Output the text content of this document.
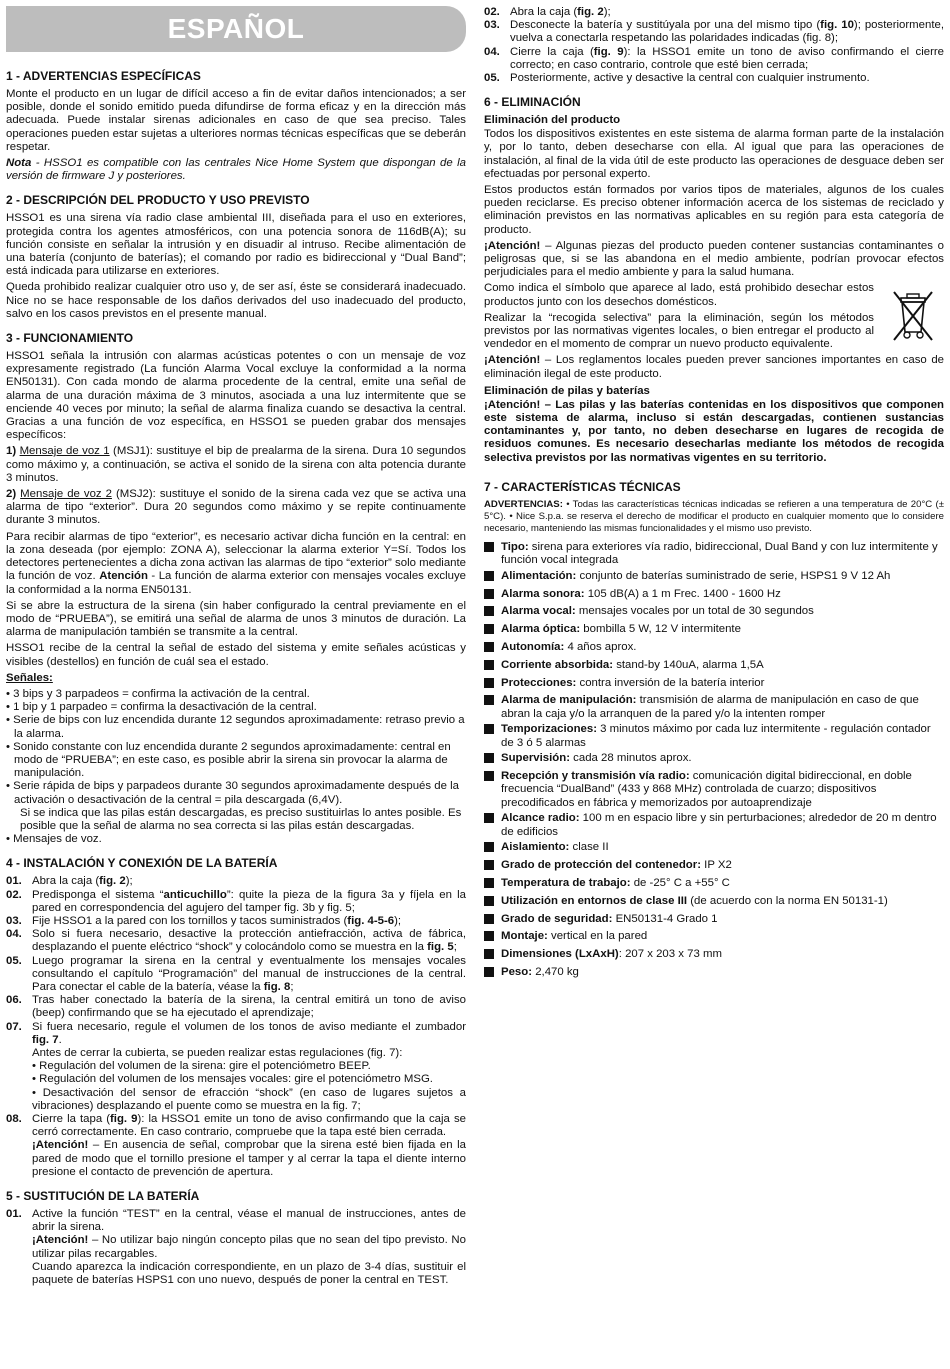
ESPAÑOL
1 - ADVERTENCIAS ESPECÍFICAS

Monte el producto en un lugar de difícil acceso a fin de evitar daños intencionados; a ser posible, donde el sonido emitido pueda difundirse de forma eficaz y en la dirección más adecuada. Puede instalar sirenas adicionales en caso de que sea preciso. Tales operaciones pueden estar sujetas a ulteriores normas técnicas específicas que se deberán respetar.

Nota - HSSO1 es compatible con las centrales Nice Home System que dispongan de la versión de firmware J y posteriores.

2 - DESCRIPCIÓN DEL PRODUCTO Y USO PREVISTO

HSSO1 es una sirena vía radio clase ambiental III, diseñada para el uso en exteriores, protegida contra los agentes atmosféricos, con una potencia sonora de 116dB(A); su función consiste en señalar la intrusión y en disuadir al intruso. Recibe alimentación de una batería (conjunto de baterías); el comando por radio es bidireccional y “Dual Band”; está indicada para utilizarse en exteriores.

Queda prohibido realizar cualquier otro uso y, de ser así, éste se considerará inadecuado. Nice no se hace responsable de los daños derivados del uso inadecuado del producto, salvo en los casos previstos en el presente manual.

3 - FUNCIONAMIENTO

HSSO1 señala la intrusión con alarmas acústicas potentes o con un mensaje de voz expresamente registrado (La función Alarma Vocal excluye la conformidad a la norma EN50131). Con cada mondo de alarma procedente de la central, emite una señal de alarma de una duración máxima de 3 minutos, asociada a una luz intermitente que se enciende 40 veces por minuto; la señal de alarma finaliza cuando se desactiva la central. Gracias a una función de voz específica, en HSSO1 se pueden grabar dos mensajes específicos:

1) Mensaje de voz 1 (MSJ1): sustituye el bip de prealarma de la sirena. Dura 10 segundos como máximo y, a continuación, se activa el sonido de la sirena con alta potencia durante 3 minutos.

2) Mensaje de voz 2 (MSJ2): sustituye el sonido de la sirena cada vez que se activa una alarma de tipo “exterior”. Dura 20 segundos como máximo y se repite continuamente durante 3 minutos.

Para recibir alarmas de tipo “exterior”, es necesario activar dicha función en la central: en la zona deseada (por ejemplo: ZONA A), seleccionar la alarma exterior Y=Sí. Todos los detectores pertenecientes a dicha zona activan las alarmas de tipo “exterior” solo mediante la función de voz. Atención - La función de alarma exterior con mensajes vocales excluye la conformidad a la norma EN50131.

Si se abre la estructura de la sirena (sin haber configurado la central previamente en el modo de “PRUEBA”), se emitirá una señal de alarma de unos 3 minutos de duración. La alarma de manipulación también se transmite a la central.

HSSO1 recibe de la central la señal de estado del sistema y emite señales acústicas y visibles (destellos) en función de cuál sea el estado.

Señales:

• 3 bips y 3 parpadeos = confirma la activación de la central.
• 1 bip y 1 parpadeo = confirma la desactivación de la central.
• Serie de bips con luz encendida durante 12 segundos aproximadamente: retraso previo a la alarma.
• Sonido constante con luz encendida durante 2 segundos aproximadamente: central en modo de “PRUEBA”; en este caso, es posible abrir la sirena sin provocar la alarma de manipulación.
• Serie rápida de bips y parpadeos durante 30 segundos aproximadamente después de la activación o desactivación de la central = pila descargada (6,4V).
Si se indica que las pilas están descargadas, es preciso sustituirlas lo antes posible. Es posible que la señal de alarma no sea correcta si las pilas están descargadas.
• Mensajes de voz.
4 - INSTALACIÓN Y CONEXIÓN DE LA BATERÍA
01. Abra la caja (fig. 2);
02. Predisponga el sistema “anticuchillo”: quite la pieza de la figura 3a y fíjela en la pared en correspondencia del agujero del tamper fig. 3b y fig. 5;
03. Fije HSSO1 a la pared con los tornillos y tacos suministrados (fig. 4-5-6);
04. Solo si fuera necesario, desactive la protección antiefracción, activa de fábrica, desplazando el puente eléctrico “shock” y colocándolo como se muestra en la fig. 5;
05. Luego programar la sirena en la central y eventualmente los mensajes vocales consultando el capítulo “Programación” del manual de instrucciones de la central. Para conectar el cable de la batería, véase la fig. 8;
06. Tras haber conectado la batería de la sirena, la central emitirá un tono de aviso (beep) confirmando que se ha ejecutado el aprendizaje;
07. Si fuera necesario, regule el volumen de los tonos de aviso mediante el zumbador fig. 7.
Antes de cerrar la cubierta, se pueden realizar estas regulaciones (fig. 7):
• Regulación del volumen de la sirena: gire el potenciómetro BEEP.
• Regulación del volumen de los mensajes vocales: gire el potenciómetro MSG.
• Desactivación del sensor de efracción “shock” (en caso de lugares sujetos a vibraciones) desplazando el puente como se muestra en la fig. 7;
08. Cierre la tapa (fig. 9): la HSSO1 emite un tono de aviso confirmando que la caja se cerró correctamente. En caso contrario, compruebe que la tapa esté bien cerrada.
¡Atención! – En ausencia de señal, comprobar que la sirena esté bien fijada en la pared de modo que el tornillo presione el tamper y al cerrar la tapa el diente interno presione el contacto de prevención de apertura.
5 - SUSTITUCIÓN DE LA BATERÍA
01. Active la función “TEST” en la central, véase el manual de instrucciones, antes de abrir la sirena.
¡Atención! – No utilizar bajo ningún concepto pilas que no sean del tipo previsto. No utilizar pilas recargables.
Cuando aparezca la indicación correspondiente, en un plazo de 3-4 días, sustituir el paquete de baterías HSPS1 con uno nuevo, después de poner la central en TEST.
02. Abra la caja (fig. 2);
03. Desconecte la batería y sustitúyala por una del mismo tipo (fig. 10); posteriormente, vuelva a conectarla respetando las polaridades indicadas (fig. 8);
04. Cierre la caja (fig. 9): la HSSO1 emite un tono de aviso confirmando el cierre correcto; en caso contrario, controle que esté bien cerrada;
05. Posteriormente, active y desactive la central con cualquier instrumento.
6 - ELIMINACIÓN
Eliminación del producto

Todos los dispositivos existentes en este sistema de alarma forman parte de la instalación y, por lo tanto, deben desecharse con ella. Al igual que para las operaciones de instalación, al final de la vida útil de este producto las operaciones de desguace deben ser efectuadas por personal experto.

Estos productos están formados por varios tipos de materiales, algunos de los cuales pueden reciclarse. Es preciso obtener información acerca de los sistemas de reciclado y eliminación previstos en las normativas aplicables en su región para esta categoría de producto.

¡Atención! – Algunas piezas del producto pueden contener sustancias contaminantes o peligrosas que, si se las abandona en el medio ambiente, podrían provocar efectos perjudiciales para el medio ambiente y para la salud humana.

Como indica el símbolo que aparece al lado, está prohibido desechar estos productos junto con los desechos domésticos.

Realizar la “recogida selectiva” para la eliminación, según los métodos previstos por las normativas vigentes locales, o bien entregar el producto al vendedor en el momento de comprar un nuevo producto equivalente.

¡Atención! – Los reglamentos locales pueden prever sanciones importantes en caso de eliminación ilegal de este producto.

Eliminación de pilas y baterías

¡Atención! – Las pilas y las baterías contenidas en los dispositivos que componen este sistema de alarma, incluso si están descargadas, contienen sustancias contaminantes y, por tanto, no deben desecharse en lugares de recogida de residuos comunes. Es necesario desecharlas mediante los métodos de recogida selectiva previstos por las normativas vigentes en su territorio.

7 - CARACTERÍSTICAS TÉCNICAS

ADVERTENCIAS: • Todas las características técnicas indicadas se refieren a una temperatura de 20°C (± 5°C). • Nice S.p.a. se reserva el derecho de modificar el producto en cualquier momento que lo considere necesario, manteniendo las mismas funcionalidades y el mismo uso previsto.

Tipo: sirena para exteriores vía radio, bidireccional, Dual Band y con luz intermitente y función vocal integrada
Alimentación: conjunto de baterías suministrado de serie, HSPS1 9 V 12 Ah
Alarma sonora: 105 dB(A) a 1 m Frec. 1400 - 1600 Hz
Alarma vocal: mensajes vocales por un total de 30 segundos
Alarma óptica: bombilla 5 W, 12 V intermitente
Autonomía: 4 años aprox.
Corriente absorbida: stand-by 140uA, alarma 1,5A
Protecciones: contra inversión de la batería interior
Alarma de manipulación: transmisión de alarma de manipulación en caso de que abran la caja y/o la arranquen de la pared y/o la intenten romper
Temporizaciones: 3 minutos máximo por cada luz intermitente - regulación contador de 3 ó 5 alarmas
Supervisión: cada 28 minutos aprox.
Recepción y transmisión vía radio: comunicación digital bidireccional, en doble frecuencia “DualBand” (433 y 868 MHz) controlada de cuarzo; dispositivos precodificados en fábrica y memorizados por autoaprendizaje
Alcance radio: 100 m en espacio libre y sin perturbaciones; alrededor de 20 m dentro de edificios
Aislamiento: clase II
Grado de protección del contenedor: IP X2
Temperatura de trabajo: de -25° C a +55° C
Utilización en entornos de clase III (de acuerdo con la norma EN 50131-1)
Grado de seguridad: EN50131-4 Grado 1
Montaje: vertical en la pared
Dimensiones (LxAxH): 207 x 203 x 73 mm
Peso: 2,470 kg
